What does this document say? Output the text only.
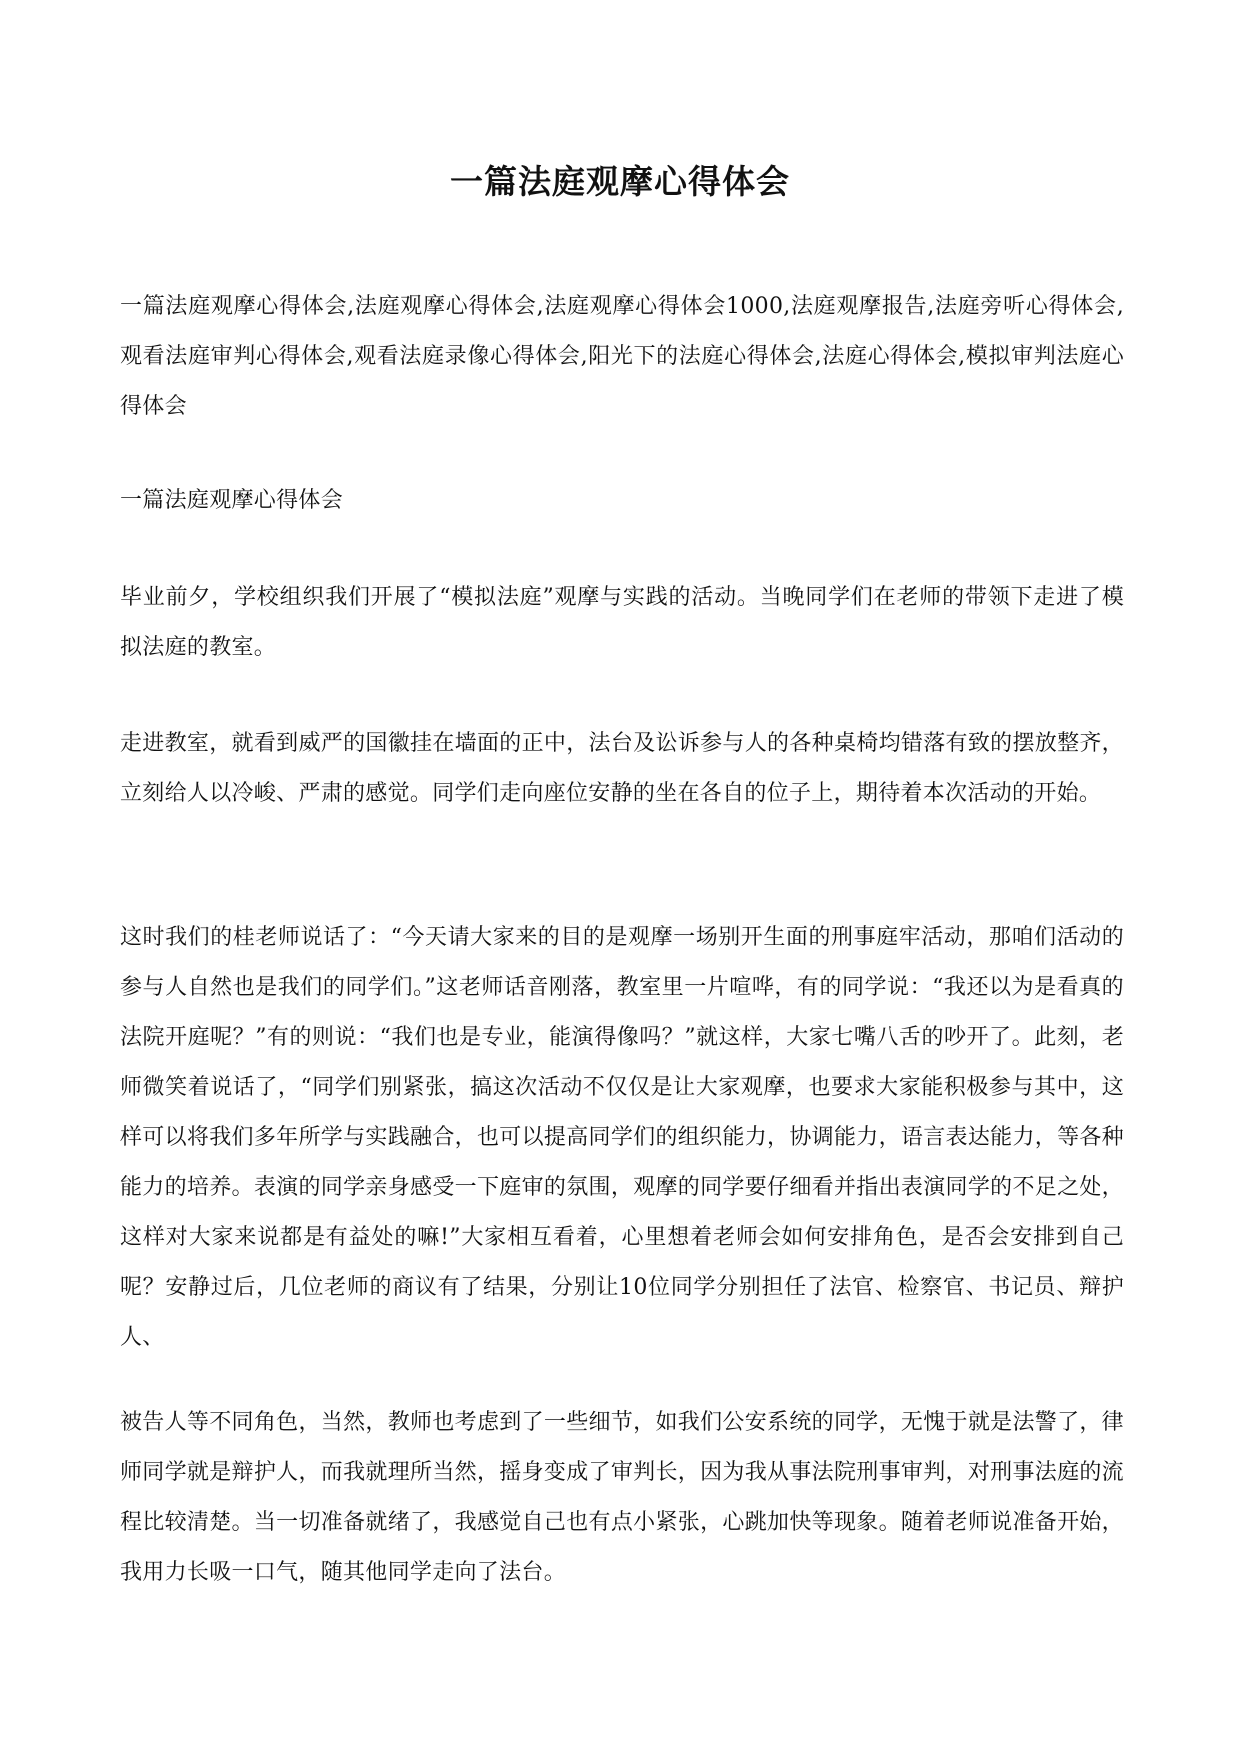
一篇法庭观摩心得体会

一篇法庭观摩心得体会,法庭观摩心得体会,法庭观摩心得体会1000,法庭观摩报告,法庭旁听心得体会,观看法庭审判心得体会,观看法庭录像心得体会,阳光下的法庭心得体会,法庭心得体会,模拟审判法庭心得体会

一篇法庭观摩心得体会

毕业前夕，学校组织我们开展了“模拟法庭”观摩与实践的活动。当晚同学们在老师的带领下走进了模拟法庭的教室。

走进教室，就看到威严的国徽挂在墙面的正中，法台及讼诉参与人的各种桌椅均错落有致的摆放整齐，立刻给人以冷峻、严肃的感觉。同学们走向座位安静的坐在各自的位子上，期待着本次活动的开始。

这时我们的桂老师说话了：“今天请大家来的目的是观摩一场别开生面的刑事庭牢活动，那咱们活动的参与人自然也是我们的同学们。”这老师话音刚落，教室里一片喧哗，有的同学说：“我还以为是看真的法院开庭呢？”有的则说：“我们也是专业，能演得像吗？”就这样，大家七嘴八舌的吵开了。此刻，老师微笑着说话了，“同学们别紧张，搞这次活动不仅仅是让大家观摩，也要求大家能积极参与其中，这样可以将我们多年所学与实践融合，也可以提高同学们的组织能力，协调能力，语言表达能力，等各种能力的培养。表演的同学亲身感受一下庭审的氛围，观摩的同学要仔细看并指出表演同学的不足之处，这样对大家来说都是有益处的嘛!”大家相互看着，心里想着老师会如何安排角色，是否会安排到自己呢？安静过后，几位老师的商议有了结果，分别让10位同学分别担任了法官、检察官、书记员、辩护人、

被告人等不同角色，当然，教师也考虑到了一些细节，如我们公安系统的同学，无愧于就是法警了，律师同学就是辩护人，而我就理所当然，摇身变成了审判长，因为我从事法院刑事审判，对刑事法庭的流程比较清楚。当一切准备就绪了，我感觉自己也有点小紧张，心跳加快等现象。随着老师说准备开始，我用力长吸一口气，随其他同学走向了法台。
